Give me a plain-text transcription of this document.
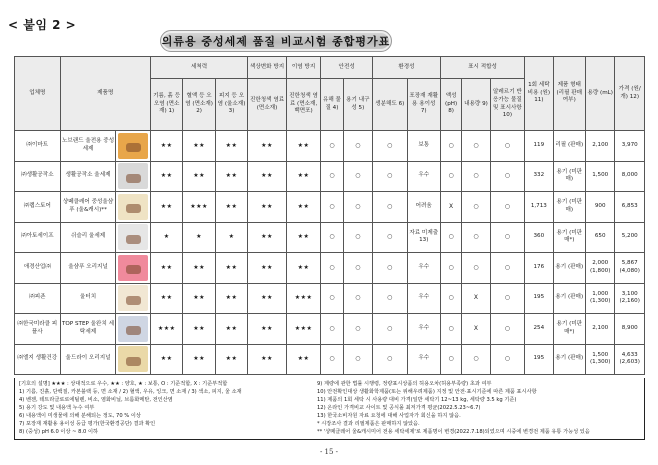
< 붙임 2 >
의류용 중성세제 품질 비교시험 종합평가표
업체명	제품명		세척력			색상변화 방지	이염 방지	안전성		환경성		표시 적합성			1회 세탁 비용 (원) 11)	제품 형태 (리필 판매 여부)	용량 (mL)	가격 (원/개) 12)
			기름, 흙 등 오염 (면소재) 1)	혈액 등 오염 (면소재) 2)	피지 등 오염 (울소재) 3)	진한청색 염료 (면소재)	진한청색 염료 (면소재, 백면포)	유해 물질 4)	용기 내구성 5)	생분해도 6)	포장재 재활용 용이성 7)	액성 (pH) 8)	내용량 9)	알레르기 반응가능 물질 및 표시사항 10)				
㈜이마트	노브랜드 울전용 중성세제		★★	★★	★★	★★	★★	○	○	○	보통	○	○	○	119	리필 (판매)	2,100	3,970
㈜생활공작소	생활공작소 울세제		★★	★★	★★	★★	★★	○	○	○	우수	○	○	○	332	용기 (미판매)	1,500	8,000
㈜랩스토어	샹떼클레어 중성울샴푸 (울&캐시)**		★★	★★★	★★	★★	★★	○	○	○	어려움	X	○	○	1,713	용기 (미판매)	900	6,853
㈜아토세이프	쉬슬리 울세제		★	★	★	★★	★★	○	○	○	자료 미제출13)	○	○	○	360	용기 (미판매*)	650	5,200
애경산업㈜	울샴푸 오리지널		★★	★★	★★	★★	★★	○	○	○	우수	○	○	○	176	용기 (판매)	2,000 (1,800)	5,867 (4,080)
㈜피죤	울터치		★★	★★	★★	★★	★★★	○	○	○	우수	○	X	○	195	용기 (판매)	1,000 (1,300)	3,100 (2,160)
㈜한국미라클 피플사	TOP STEP 울완치 세탁세제		★★★	★★	★★	★★	★★★	○	○	○	우수	○	X	○	254	용기 (미판매*)	2,100	8,900
㈜엘지 생활건강	울드라이 오리지널		★★	★★	★★	★★	★★	○	○	○	우수	○	○	○	195	용기 (판매)	1,500 (1,300)	4,633 (2,603)
[기호의 설명] ★★★ : 상대적으로 우수, ★★ : 양호, ★ : 보통, O : 기준적합, X : 기준부적합
1) 기름, 진흙, 단백질, 카본블랙 등, 면 소재 / 2) 혈액, 우유, 잉크, 면 소재 / 3) 색소, 피지, 울 소재
4) 벤젠, 테트라클로로에틸렌, 비소, 염화비닐, 브롬화메탄, 전인산염
5) 용기 강도 및 내용액 누수 여부
6) 내용액이 미생물에 의해 분해되는 정도, 70 % 이상
7) 포장재 재활용 용이성 등급 평가(한국환경공단) 결과 확인
8) (중성) pH 6.0 이상 ~ 8.0 이하
9) 계량에 관한 법률 시행령, 정량표시상품의 허용오차(허용부족량) 초과 여부
10) 안전확인대상 생활화학제품(또는 위해우려제품) 지정 및 안전·표시기준에 따른 제품 표시사항
11) 제품의 1회 세탁 시 사용량 대비 가격(일반 세탁기 12~13 kg, 세탁량 3.5 kg 기준)
12) 온라인 가격비교 사이트 및 공식몰 최저가격 평균(2022.5.23~6.7)
13) 한국소비자원 자료 요청에 대해 사업자가 회신을 하지 않음.
* 시장조사 결과 리필제품은 판매하지 않았음.
** '샹떼클레어 울&캐시미어 전용 세탁세제'로 제품명이 변경(2022.7.18)되었으며 시중에 변경전 제품 유통 가능성 있음
- 15 -
